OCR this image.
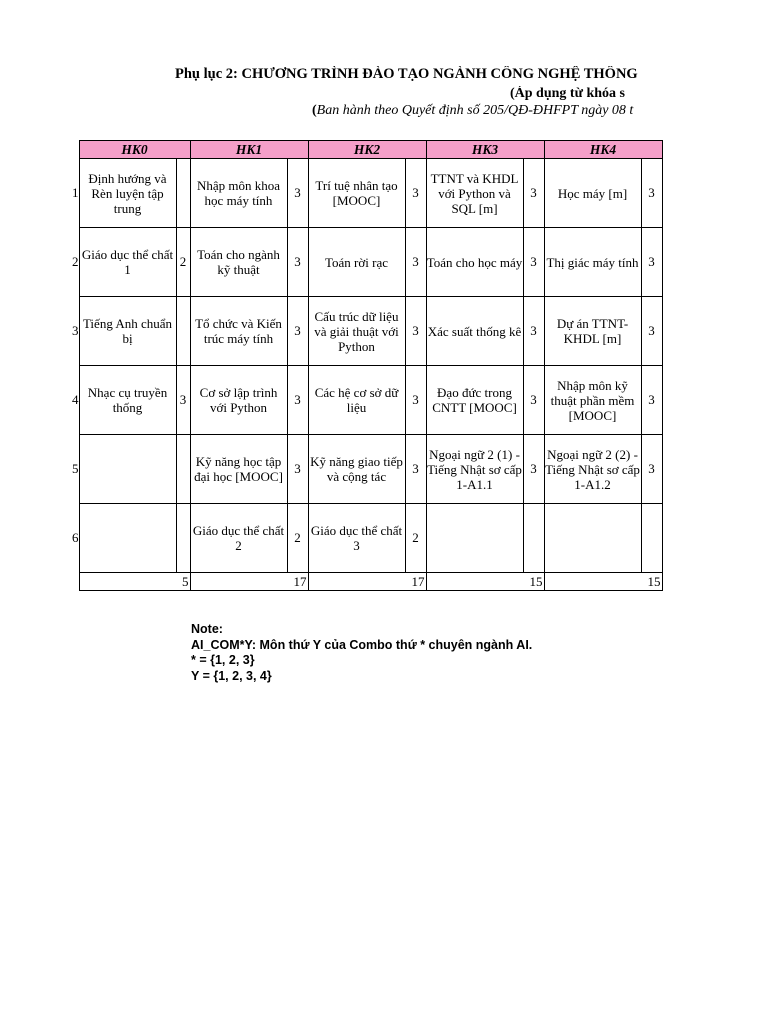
Phụ lục 2: CHƯƠNG TRÌNH ĐÀO TẠO NGÀNH CÔNG NGHỆ THÔNG
(Áp dụng từ khóa s
(Ban hành theo Quyết định số 205/QĐ-ĐHFPT ngày 08 t
	HK0		HK1		HK2		HK3		HK4	
1	Định hướng và Rèn luyện tập trung		Nhập môn khoa học máy tính	3	Trí tuệ nhân tạo [MOOC]	3	TTNT và KHDL với Python và SQL [m]	3	Học máy [m]	3
2	Giáo dục thể chất 1	2	Toán cho ngành kỹ thuật	3	Toán rời rạc	3	Toán cho học máy	3	Thị giác máy tính	3
3	Tiếng Anh chuẩn bị		Tổ chức và Kiến trúc máy tính	3	Cấu trúc dữ liệu và giải thuật với Python	3	Xác suất thống kê	3	Dự án TTNT-KHDL [m]	3
4	Nhạc cụ truyền thống	3	Cơ sở lập trình với Python	3	Các hệ cơ sở dữ liệu	3	Đạo đức trong CNTT [MOOC]	3	Nhập môn kỹ thuật phần mềm [MOOC]	3
5			Kỹ năng học tập đại học [MOOC]	3	Kỹ năng giao tiếp và cộng tác	3	Ngoại ngữ 2 (1) - Tiếng Nhật sơ cấp 1-A1.1	3	Ngoại ngữ 2 (2) - Tiếng Nhật sơ cấp 1-A1.2	3
6			Giáo dục thể chất 2	2	Giáo dục thể chất 3	2				
	5		17		17		15		15	
Note:
AI_COM*Y: Môn thứ Y của Combo thứ * chuyên ngành AI.
* = {1, 2, 3}
Y = {1, 2, 3, 4}
